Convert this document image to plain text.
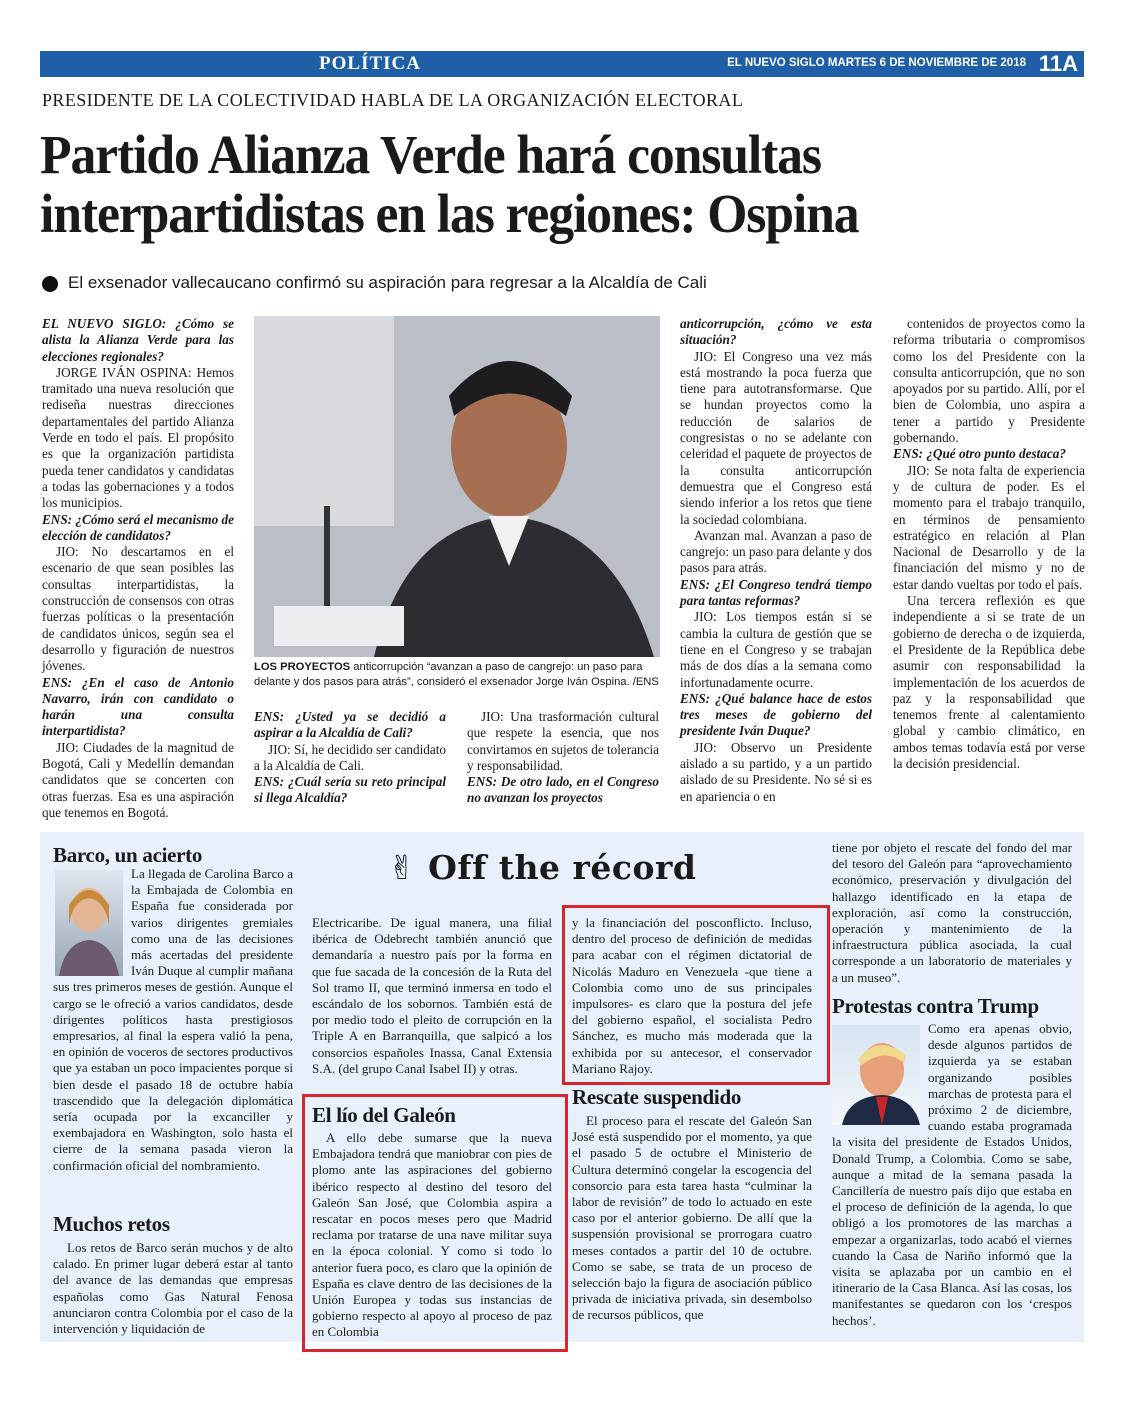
POLÍTICA	EL NUEVO SIGLO MARTES 6 DE NOVIEMBRE DE 2018 11A
PRESIDENTE DE LA COLECTIVIDAD HABLA DE LA ORGANIZACIÓN ELECTORAL
Partido Alianza Verde hará consultas
interpartidistas en las regiones: Ospina
El exsenador vallecaucano confirmó su aspiración para regresar a la Alcaldía de Cali

EL NUEVO SIGLO: ¿Cómo se alista la Alianza Verde para las elecciones regionales?

JORGE IVÁN OSPINA: Hemos tramitado una nueva resolución que rediseña nuestras direcciones departamentales del partido Alianza Verde en todo el país. El propósito es que la organización partidista pueda tener candidatos y candidatas a todas las gobernaciones y a todos los municipios.

ENS: ¿Cómo será el mecanismo de elección de candidatos?

JIO: No descartamos en el escenario de que sean posibles las consultas interpartidistas, la construcción de consensos con otras fuerzas políticas o la presentación de candidatos únicos, según sea el desarrollo y figuración de nuestros jóvenes.

ENS: ¿En el caso de Antonio Navarro, irán con candidato o harán una consulta interpartidista?

JIO: Ciudades de la magnitud de Bogotá, Cali y Medellín demandan candidatos que se concerten con otras fuerzas. Esa es una aspiración que tenemos en Bogotá.

LOS PROYECTOS anticorrupción “avanzan a paso de cangrejo: un paso para delante y dos pasos para atrás”, consideró el exsenador Jorge Iván Ospina. /ENS

ENS: ¿Usted ya se decidió a aspirar a la Alcaldía de Cali?

JIO: Sí, he decidido ser candidato a la Alcaldía de Cali.

ENS: ¿Cuál sería su reto principal si llega Alcaldía?

JIO: Una trasformación cultural que respete la esencia, que nos convirtamos en sujetos de tolerancia y responsabilidad.

ENS: De otro lado, en el Congreso no avanzan los proyectos

anticorrupción, ¿cómo ve esta situación?

JIO: El Congreso una vez más está mostrando la poca fuerza que tiene para autotransformarse. Que se hundan proyectos como la reducción de salarios de congresistas o no se adelante con celeridad el paquete de proyectos de la consulta anticorrupción demuestra que el Congreso está siendo inferior a los retos que tiene la sociedad colombiana.

Avanzan mal. Avanzan a paso de cangrejo: un paso para delante y dos pasos para atrás.

ENS: ¿El Congreso tendrá tiempo para tantas reformas?

JIO: Los tiempos están si se cambia la cultura de gestión que se tiene en el Congreso y se trabajan más de dos días a la semana como infortunadamente ocurre.

ENS: ¿Qué balance hace de estos tres meses de gobierno del presidente Iván Duque?

JIO: Observo un Presidente aislado a su partido, y a un partido aislado de su Presidente. No sé si es en apariencia o en

contenidos de proyectos como la reforma tributaria o compromisos como los del Presidente con la consulta anticorrupción, que no son apoyados por su partido. Allí, por el bien de Colombia, uno aspira a tener a partido y Presidente gobernando.

ENS: ¿Qué otro punto destaca?

JIO: Se nota falta de experiencia y de cultura de poder. Es el momento para el trabajo tranquilo, en términos de pensamiento estratégico en relación al Plan Nacional de Desarrollo y de la financiación del mismo y no de estar dando vueltas por todo el país.

Una tercera reflexión es que independiente a si se trate de un gobierno de derecha o de izquierda, el Presidente de la República debe asumir con responsabilidad la implementación de los acuerdos de paz y la responsabilidad que tenemos frente al calentamiento global y cambio climático, en ambos temas todavía está por verse la decisión presidencial.

Barco, un acierto
La llegada de Carolina Barco a la Embajada de Colombia en España fue considerada por varios dirigentes gremiales como una de las decisiones más acertadas del presidente Iván Duque al cumplir mañana sus tres primeros meses de gestión. Aunque el cargo se le ofreció a varios candidatos, desde dirigentes políticos hasta prestigiosos empresarios, al final la espera valió la pena, en opinión de voceros de sectores productivos que ya estaban un poco impacientes porque si bien desde el pasado 18 de octubre había trascendido que la delegación diplomática sería ocupada por la excanciller y exembajadora en Washington, solo hasta el cierre de la semana pasada vieron la confirmación oficial del nombramiento.
Muchos retos
Los retos de Barco serán muchos y de alto calado. En primer lugar deberá estar al tanto del avance de las demandas que empresas españolas como Gas Natural Fenosa anunciaron contra Colombia por el caso de la intervención y liquidación de
✌ Off the récord
Electricaribe. De igual manera, una filial ibérica de Odebrecht también anunció que demandaría a nuestro país por la forma en que fue sacada de la concesión de la Ruta del Sol tramo II, que terminó inmersa en todo el escándalo de los sobornos. También está de por medio todo el pleito de corrupción en la Triple A en Barranquilla, que salpicó a los consorcios españoles Inassa, Canal Extensia S.A. (del grupo Canal Isabel II) y otras.
y la financiación del posconflicto. Incluso, dentro del proceso de definición de medidas para acabar con el régimen dictatorial de Nicolás Maduro en Venezuela -que tiene a Colombia como uno de sus principales impulsores- es claro que la postura del jefe del gobierno español, el socialista Pedro Sánchez, es mucho más moderada que la exhibida por su antecesor, el conservador Mariano Rajoy.
El lío del Galeón
A ello debe sumarse que la nueva Embajadora tendrá que maniobrar con pies de plomo ante las aspiraciones del gobierno ibérico respecto al destino del tesoro del Galeón San José, que Colombia aspira a rescatar en pocos meses pero que Madrid reclama por tratarse de una nave militar suya en la época colonial. Y como si todo lo anterior fuera poco, es claro que la opinión de España es clave dentro de las decisiones de la Unión Europea y todas sus instancias de gobierno respecto al apoyo al proceso de paz en Colombia
Rescate suspendido
El proceso para el rescate del Galeón San José está suspendido por el momento, ya que el pasado 5 de octubre el Ministerio de Cultura determinó congelar la escogencia del consorcio para esta tarea hasta “culminar la labor de revisión” de todo lo actuado en este caso por el anterior gobierno. De allí que la suspensión provisional se prorrogara cuatro meses contados a partir del 10 de octubre. Como se sabe, se trata de un proceso de selección bajo la figura de asociación público privada de iniciativa privada, sin desembolso de recursos públicos, que
tiene por objeto el rescate del fondo del mar del tesoro del Galeón para “aprovechamiento económico, preservación y divulgación del hallazgo identificado en la etapa de exploración, así como la construcción, operación y mantenimiento de la infraestructura pública asociada, la cual corresponde a un laboratorio de materiales y a un museo”.
Protestas contra Trump
Como era apenas obvio, desde algunos partidos de izquierda ya se estaban organizando posibles marchas de protesta para el próximo 2 de diciembre, cuando estaba programada la visita del presidente de Estados Unidos, Donald Trump, a Colombia. Como se sabe, aunque a mitad de la semana pasada la Cancillería de nuestro país dijo que estaba en el proceso de definición de la agenda, lo que obligó a los promotores de las marchas a empezar a organizarlas, todo acabó el viernes cuando la Casa de Nariño informó que la visita se aplazaba por un cambio en el itinerario de la Casa Blanca. Así las cosas, los manifestantes se quedaron con los ‘crespos hechos’.
